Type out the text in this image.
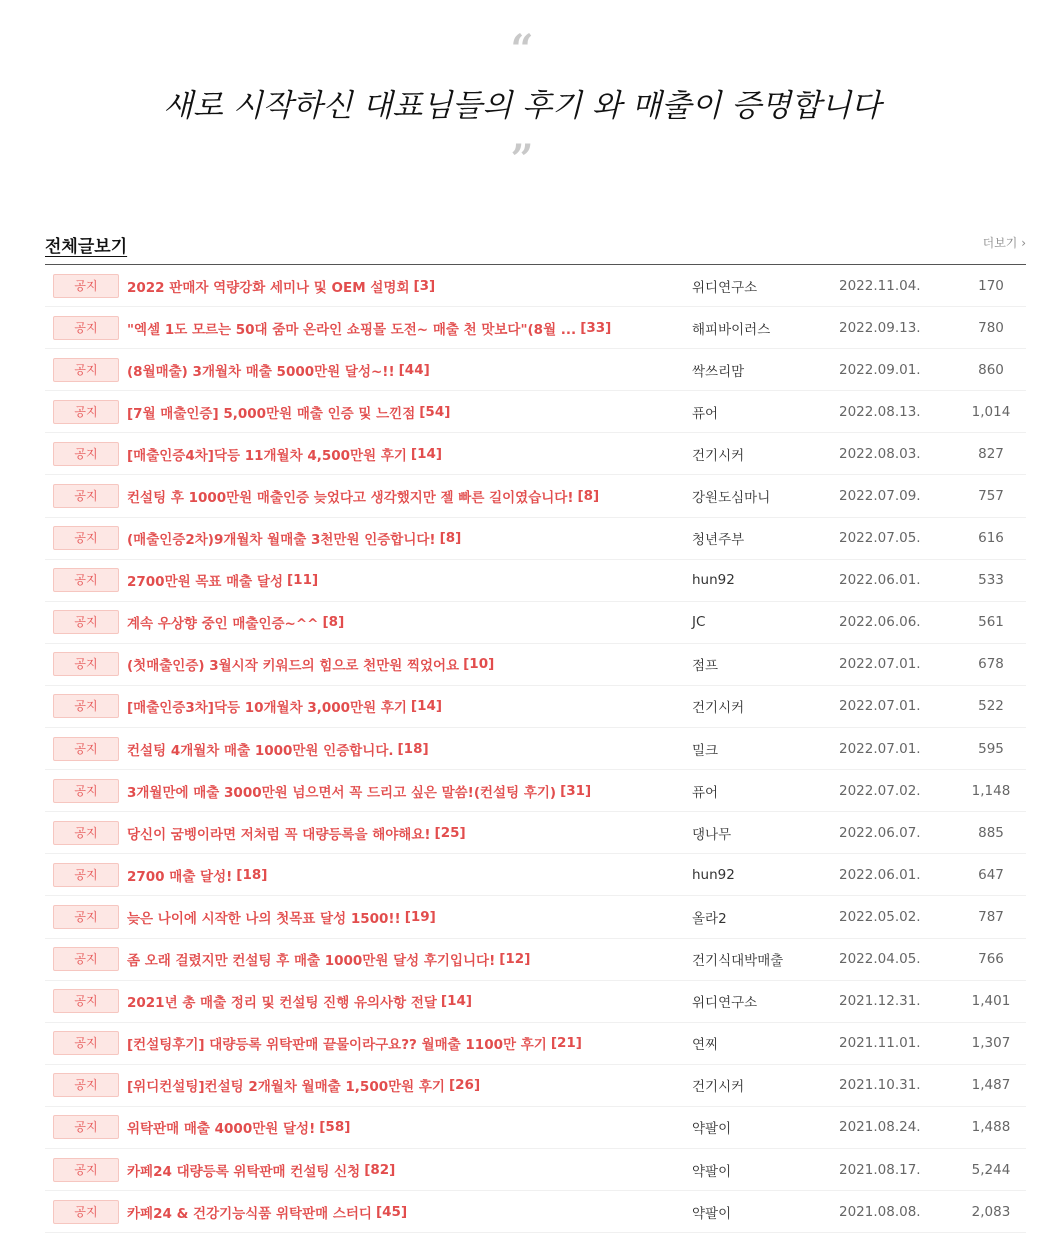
“
새로 시작하신 대표님들의 후기 와 매출이 증명합니다
”
전체글보기	더보기 ›
공지	2022 판매자 역량강화 세미나 및 OEM 설명회 [3]	위디연구소	2022.11.04.	170
공지	"엑셀 1도 모르는 50대 줌마 온라인 쇼핑몰 도전~ 매출 천 맛보다"(8월 ... [33]	해피바이러스	2022.09.13.	780
공지	(8월매출) 3개월차 매출 5000만원 달성~!! [44]	싹쓰리맘	2022.09.01.	860
공지	[7월 매출인증] 5,000만원 매출 인증 및 느낀점 [54]	퓨어	2022.08.13.	1,014
공지	[매출인증4차]닥등 11개월차 4,500만원 후기 [14]	건기시커	2022.08.03.	827
공지	컨설팅 후 1000만원 매출인증 늦었다고 생각했지만 젤 빠른 길이였습니다! [8]	강원도심마니	2022.07.09.	757
공지	(매출인증2차)9개월차 월매출 3천만원 인증합니다! [8]	청년주부	2022.07.05.	616
공지	2700만원 목표 매출 달성 [11]	hun92	2022.06.01.	533
공지	계속 우상향 중인 매출인증~^^ [8]	JC	2022.06.06.	561
공지	(첫매출인증) 3월시작 키워드의 힘으로 천만원 찍었어요 [10]	점프	2022.07.01.	678
공지	[매출인증3차]닥등 10개월차 3,000만원 후기 [14]	건기시커	2022.07.01.	522
공지	컨설팅 4개월차 매출 1000만원 인증합니다. [18]	밀크	2022.07.01.	595
공지	3개월만에 매출 3000만원 넘으면서 꼭 드리고 싶은 말씀!(컨설팅 후기) [31]	퓨어	2022.07.02.	1,148
공지	당신이 굼벵이라면 저처럼 꼭 대량등록을 해야해요! [25]	댕나무	2022.06.07.	885
공지	2700 매출 달성! [18]	hun92	2022.06.01.	647
공지	늦은 나이에 시작한 나의 첫목표 달성 1500!! [19]	올라2	2022.05.02.	787
공지	좀 오래 걸렸지만 컨설팅 후 매출 1000만원 달성 후기입니다! [12]	건기식대박매출	2022.04.05.	766
공지	2021년 총 매출 정리 및 컨설팅 진행 유의사항 전달 [14]	위디연구소	2021.12.31.	1,401
공지	[컨설팅후기] 대량등록 위탁판매 끝물이라구요?? 월매출 1100만 후기 [21]	연찌	2021.11.01.	1,307
공지	[위디컨설팅]컨설팅 2개월차 월매출 1,500만원 후기 [26]	건기시커	2021.10.31.	1,487
공지	위탁판매 매출 4000만원 달성! [58]	약팔이	2021.08.24.	1,488
공지	카페24 대량등록 위탁판매 컨설팅 신청 [82]	약팔이	2021.08.17.	5,244
공지	카페24 & 건강기능식품 위탁판매 스터디 [45]	약팔이	2021.08.08.	2,083
